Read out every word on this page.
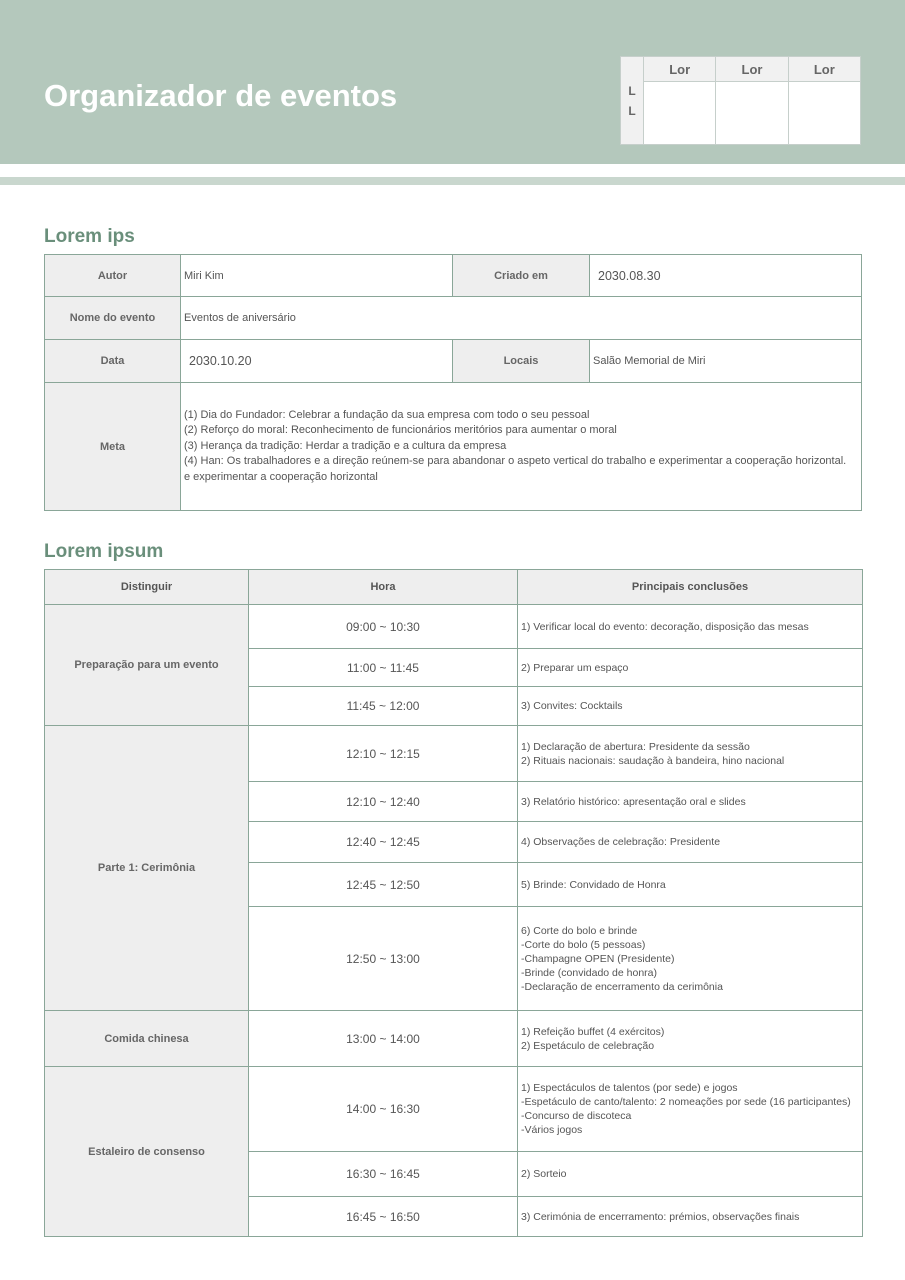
Organizador de eventos	L
L	Lor	Lor	Lor

Lorem ips
Autor	Miri Kim	Criado em	2030.08.30
Nome do evento	Eventos de aniversário		
Data	2030.10.20	Locais	Salão Memorial de Miri
Meta	(1) Dia do Fundador: Celebrar a fundação da sua empresa com todo o seu pessoal
(2) Reforço do moral: Reconhecimento de funcionários meritórios para aumentar o moral
(3) Herança da tradição: Herdar a tradição e a cultura da empresa
(4) Han: Os trabalhadores e a direção reúnem-se para abandonar o aspeto vertical do trabalho e experimentar a cooperação horizontal.
e experimentar a cooperação horizontal		
Lorem ipsum
Distinguir	Hora	Principais conclusões
Preparação para um evento	09:00 ~ 10:30	1) Verificar local do evento: decoração, disposição das mesas

	11:00 ~ 11:45	2) Preparar um espaço

	11:45 ~ 12:00	3) Convites: Cocktails

Parte 1: Cerimônia	12:10 ~ 12:15	1) Declaração de abertura: Presidente da sessão
2) Rituais nacionais: saudação à bandeira, hino nacional

	12:10 ~ 12:40	3) Relatório histórico: apresentação oral e slides

	12:40 ~ 12:45	4) Observações de celebração: Presidente

	12:45 ~ 12:50	5) Brinde: Convidado de Honra

	12:50 ~ 13:00	6) Corte do bolo e brinde
-Corte do bolo (5 pessoas)
-Champagne OPEN (Presidente)
-Brinde (convidado de honra)
-Declaração de encerramento da cerimônia

Comida chinesa	13:00 ~ 14:00	1) Refeição buffet (4 exércitos)
2) Espetáculo de celebração

Estaleiro de consenso	14:00 ~ 16:30	1) Espectáculos de talentos (por sede) e jogos
-Espetáculo de canto/talento: 2 nomeações por sede (16 participantes)
-Concurso de discoteca
-Vários jogos

	16:30 ~ 16:45	2) Sorteio

	16:45 ~ 16:50	3) Cerimónia de encerramento: prémios, observações finais
